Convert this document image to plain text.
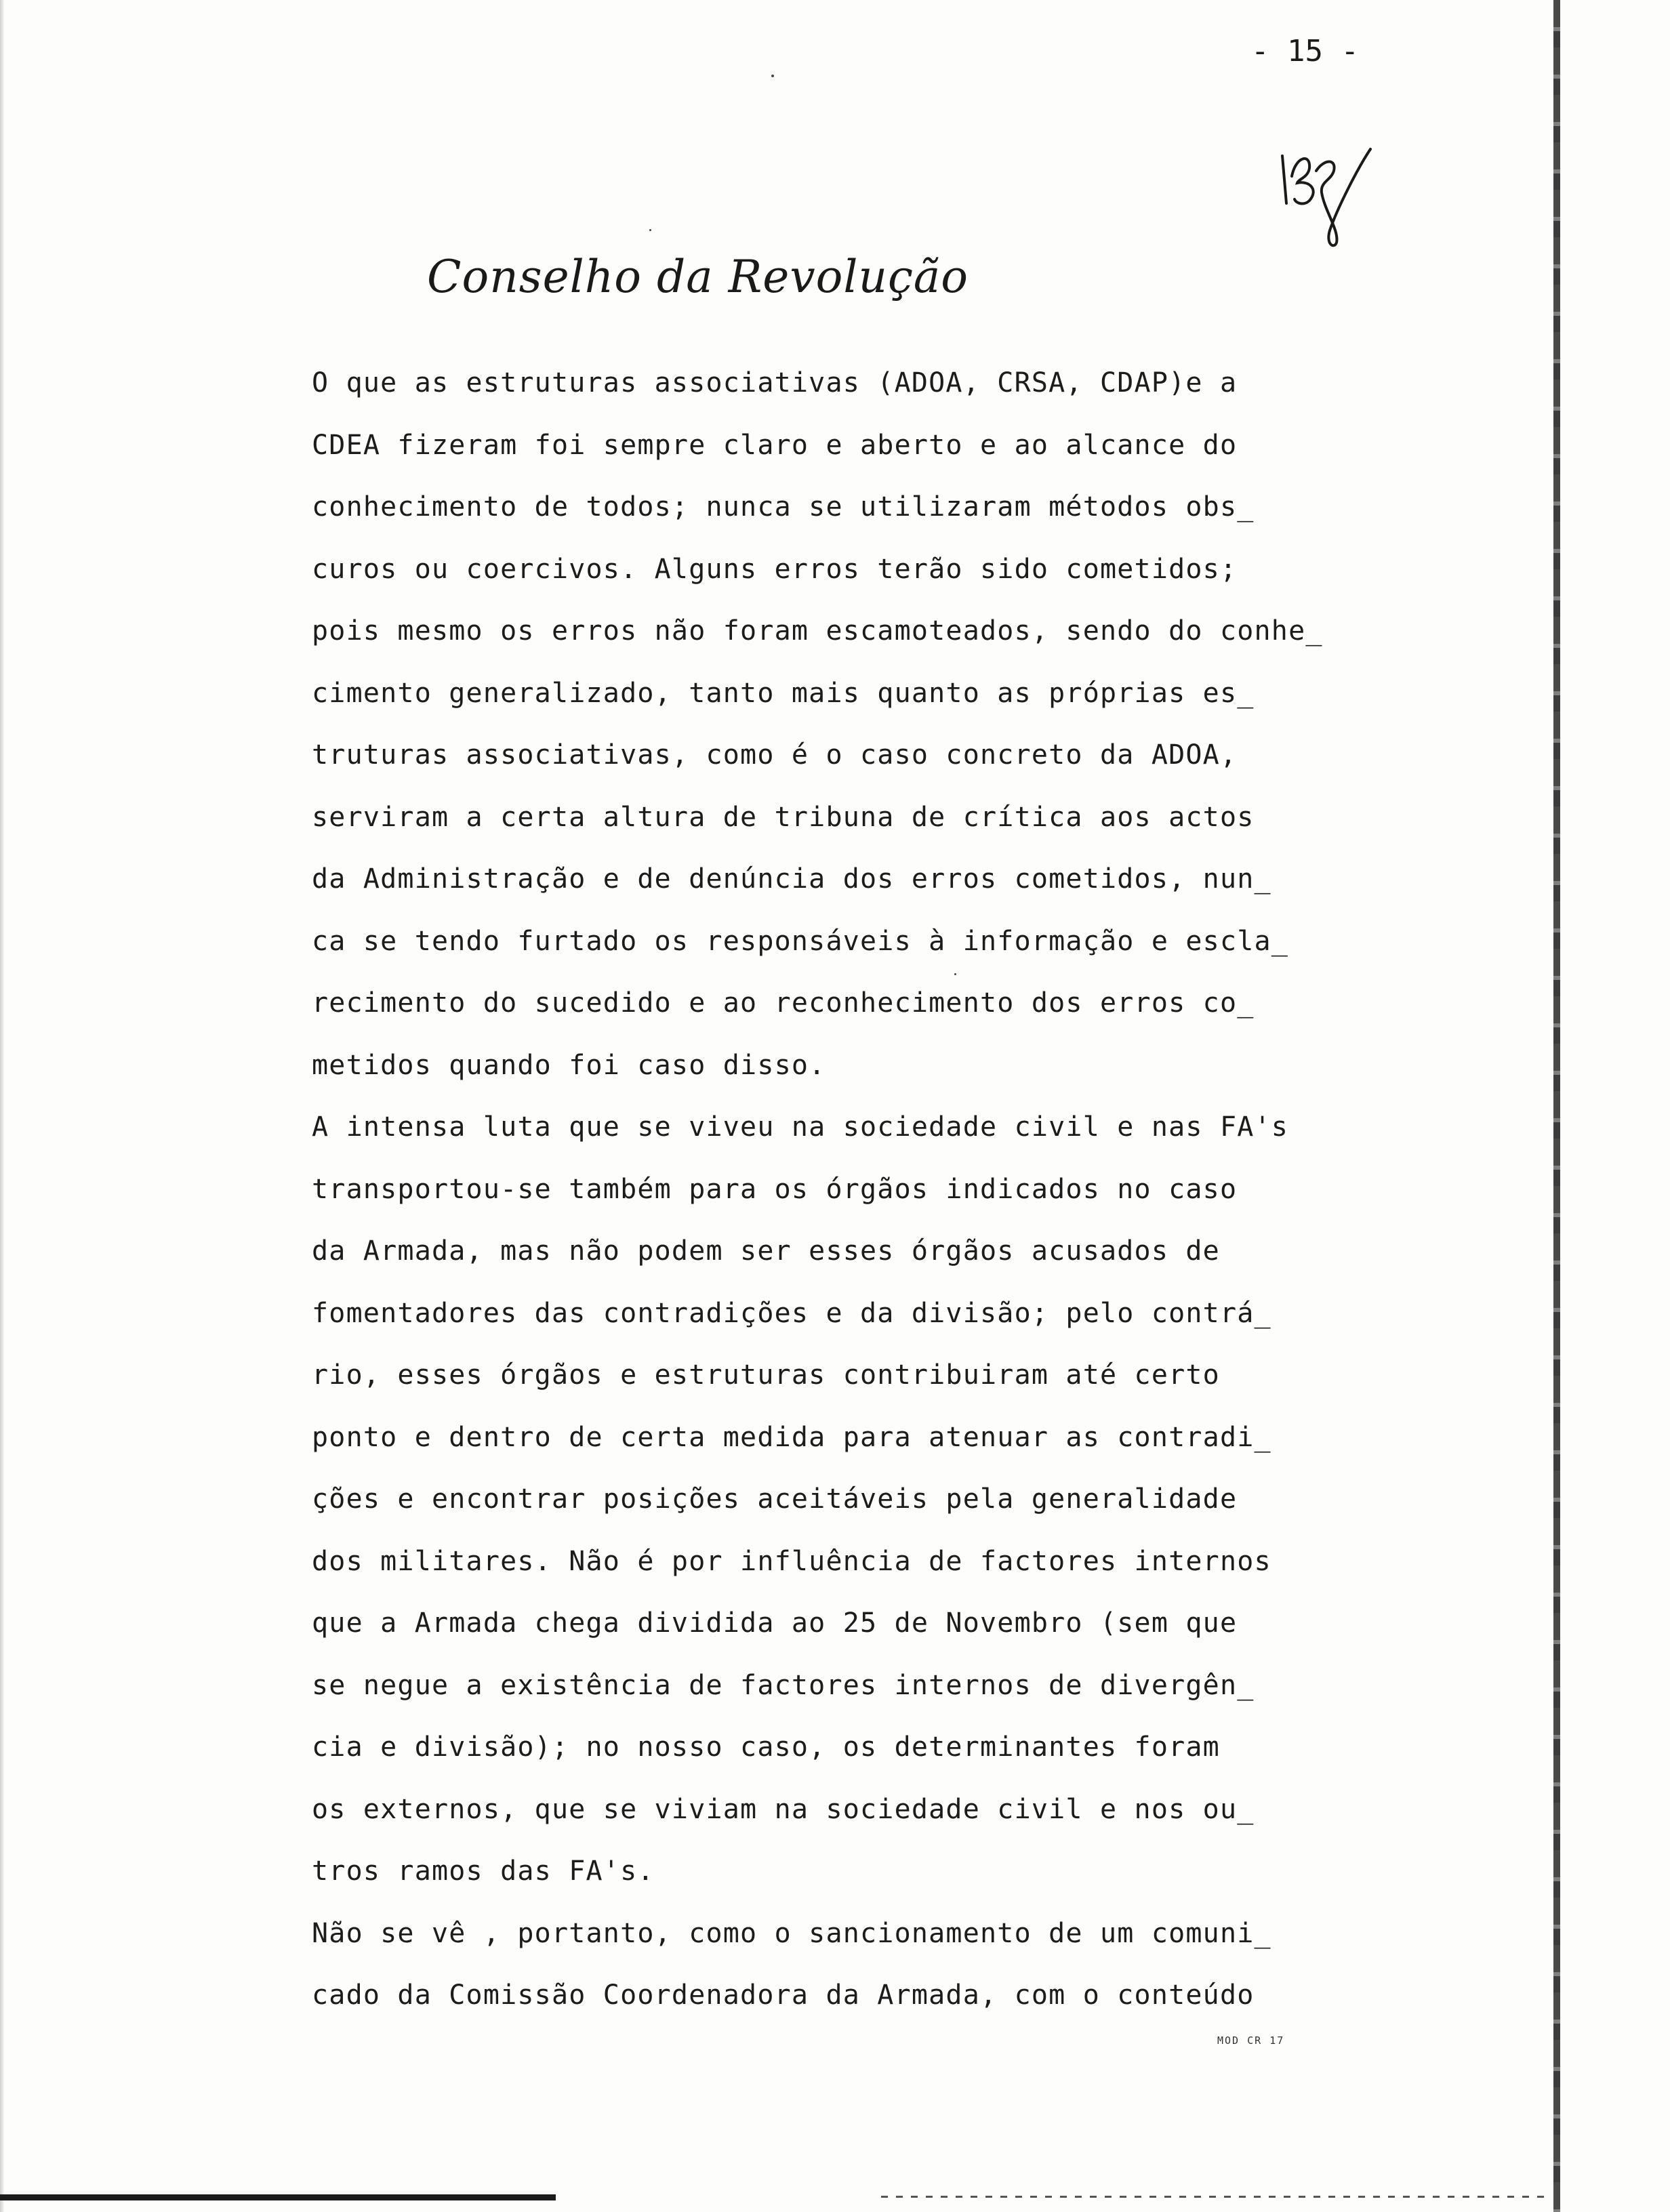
- 15 -
Conselho da Revolução
O que as estruturas associativas (ADOA, CRSA, CDAP)e a
CDEA fizeram foi sempre claro e aberto e ao alcance do
conhecimento de todos; nunca se utilizaram métodos obs_
curos ou coercivos. Alguns erros terão sido cometidos;
pois mesmo os erros não foram escamoteados, sendo do conhe_
cimento generalizado, tanto mais quanto as próprias es_
truturas associativas, como é o caso concreto da ADOA,
serviram a certa altura de tribuna de crítica aos actos
da Administração e de denúncia dos erros cometidos, nun_
ca se tendo furtado os responsáveis à informação e escla_
recimento do sucedido e ao reconhecimento dos erros co_
metidos quando foi caso disso.
A intensa luta que se viveu na sociedade civil e nas FA's
transportou-se também para os órgãos indicados no caso
da Armada, mas não podem ser esses órgãos acusados de
fomentadores das contradições e da divisão; pelo contrá_
rio, esses órgãos e estruturas contribuiram até certo
ponto e dentro de certa medida para atenuar as contradi_
ções e encontrar posições aceitáveis pela generalidade
dos militares. Não é por influência de factores internos
que a Armada chega dividida ao 25 de Novembro (sem que
se negue a existência de factores internos de divergên_
cia e divisão); no nosso caso, os determinantes foram
os externos, que se viviam na sociedade civil e nos ou_
tros ramos das FA's.
Não se vê , portanto, como o sancionamento de um comuni_
cado da Comissão Coordenadora da Armada, com o conteúdo
MOD CR 17
